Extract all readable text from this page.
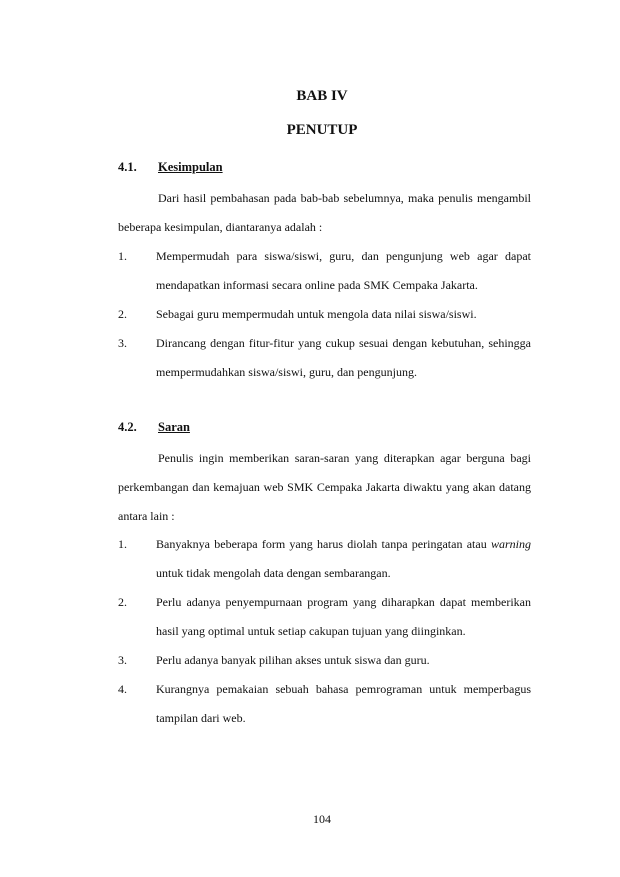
BAB IV
PENUTUP
4.1. Kesimpulan

Dari hasil pembahasan pada bab-bab sebelumnya, maka penulis mengambil beberapa kesimpulan, diantaranya adalah :

1. Mempermudah para siswa/siswi, guru, dan pengunjung web agar dapat mendapatkan informasi secara online pada SMK Cempaka Jakarta.
2. Sebagai guru mempermudah untuk mengola data nilai siswa/siswi.
3. Dirancang dengan fitur-fitur yang cukup sesuai dengan kebutuhan, sehingga mempermudahkan siswa/siswi, guru, dan pengunjung.
4.2. Saran

Penulis ingin memberikan saran-saran yang diterapkan agar berguna bagi perkembangan dan kemajuan web SMK Cempaka Jakarta diwaktu yang akan datang antara lain :

1. Banyaknya beberapa form yang harus diolah tanpa peringatan atau warning untuk tidak mengolah data dengan sembarangan.
2. Perlu adanya penyempurnaan program yang diharapkan dapat memberikan hasil yang optimal untuk setiap cakupan tujuan yang diinginkan.
3. Perlu adanya banyak pilihan akses untuk siswa dan guru.
4. Kurangnya pemakaian sebuah bahasa pemrograman untuk memperbagus tampilan dari web.
104
